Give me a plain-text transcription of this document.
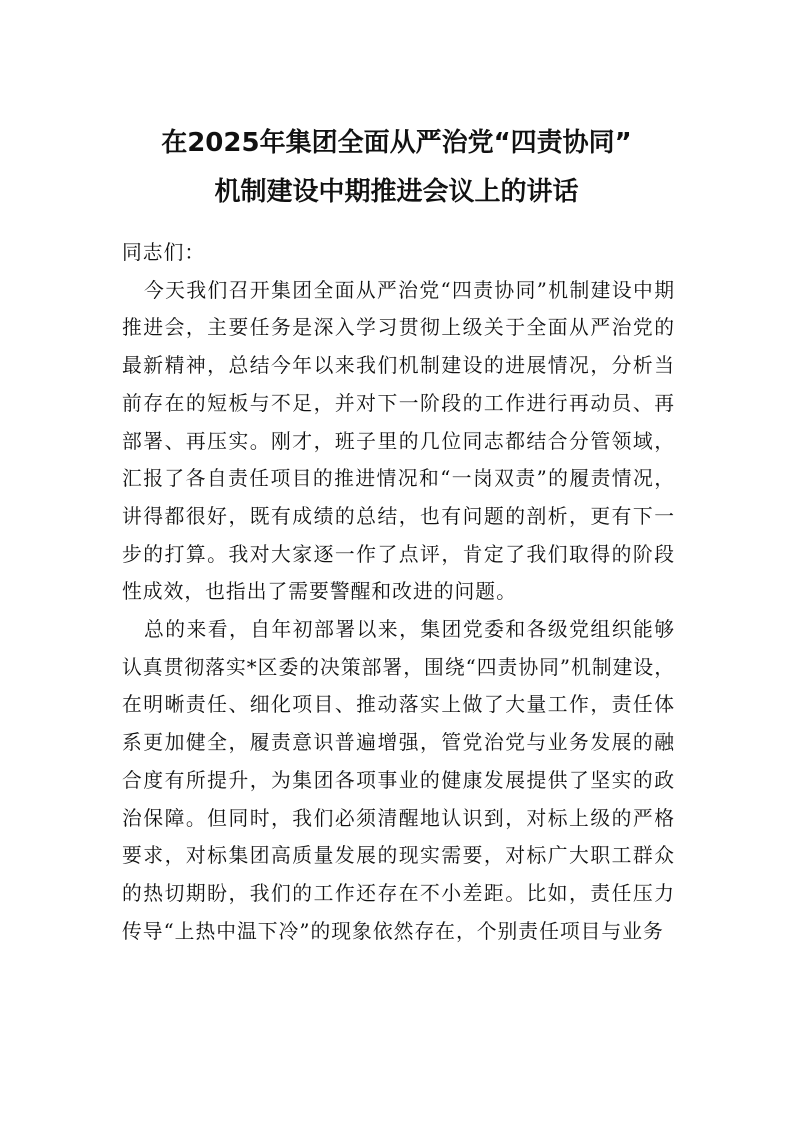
在2025年集团全面从严治党“四责协同”
机制建设中期推进会议上的讲话

同志们：

今天我们召开集团全面从严治党“四责协同”机制建设中期推进会，主要任务是深入学习贯彻上级关于全面从严治党的最新精神，总结今年以来我们机制建设的进展情况，分析当前存在的短板与不足，并对下一阶段的工作进行再动员、再部署、再压实。刚才，班子里的几位同志都结合分管领域，汇报了各自责任项目的推进情况和“一岗双责”的履责情况，讲得都很好，既有成绩的总结，也有问题的剖析，更有下一步的打算。我对大家逐一作了点评，肯定了我们取得的阶段性成效，也指出了需要警醒和改进的问题。

总的来看，自年初部署以来，集团党委和各级党组织能够认真贯彻落实*区委的决策部署，围绕“四责协同”机制建设，在明晰责任、细化项目、推动落实上做了大量工作，责任体系更加健全，履责意识普遍增强，管党治党与业务发展的融合度有所提升，为集团各项事业的健康发展提供了坚实的政治保障。但同时，我们必须清醒地认识到，对标上级的严格要求，对标集团高质量发展的现实需要，对标广大职工群众的热切期盼，我们的工作还存在不小差距。比如，责任压力传导“上热中温下冷”的现象依然存在，个别责任项目与业务
